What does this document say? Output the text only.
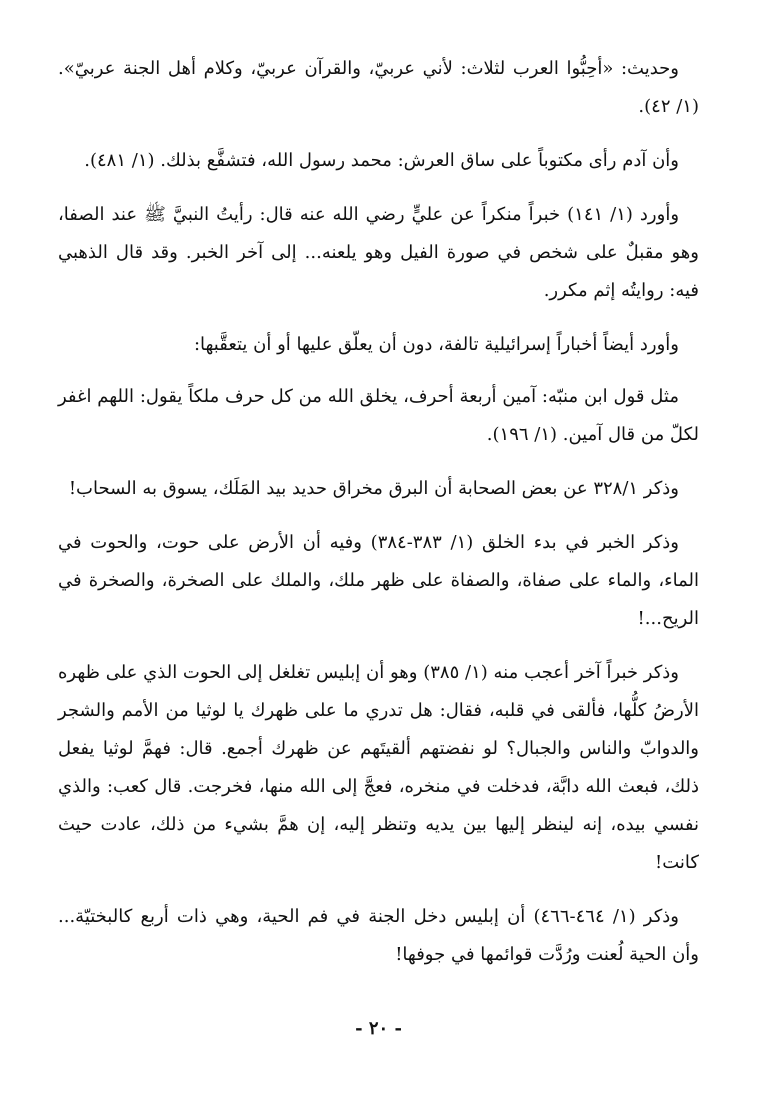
وحديث: «أحِبُّوا العرب لثلاث: لأني عربيّ، والقرآن عربيّ، وكلام أهل الجنة عربيّ». (١/ ٤٢).

وأن آدم رأى مكتوباً على ساق العرش: محمد رسول الله، فتشفَّع بذلك. (١/ ٤٨١).

وأورد (١/ ١٤١) خبراً منكراً عن عليٍّ رضي الله عنه قال: رأيتُ النبيَّ ﷺ عند الصفا، وهو مقبلٌ على شخص في صورة الفيل وهو يلعنه... إلى آخر الخبر. وقد قال الذهبي فيه: روايتُه إثم مكرر.

وأورد أيضاً أخباراً إسرائيلية تالفة، دون أن يعلّق عليها أو أن يتعقَّبها:

مثل قول ابن منبّه: آمين أربعة أحرف، يخلق الله من كل حرف ملكاً يقول: اللهم اغفر لكلّ من قال آمين. (١/ ١٩٦).

وذكر ٣٢٨/١ عن بعض الصحابة أن البرق مخراق حديد بيد المَلَك، يسوق به السحاب!

وذكر الخبر في بدء الخلق (١/ ٣٨٣-٣٨٤) وفيه أن الأرض على حوت، والحوت في الماء، والماء على صفاة، والصفاة على ظهر ملك، والملك على الصخرة، والصخرة في الريح...!

وذكر خبراً آخر أعجب منه (١/ ٣٨٥) وهو أن إبليس تغلغل إلى الحوت الذي على ظهره الأرضُ كلُّها، فألقى في قلبه، فقال: هل تدري ما على ظهرك يا لوثيا من الأمم والشجر والدوابّ والناس والجبال؟ لو نفضتهم ألقيتَهم عن ظهرك أجمع. قال: فهمَّ لوثيا يفعل ذلك، فبعث الله دابَّة، فدخلت في منخره، فعجَّ إلى الله منها، فخرجت. قال كعب: والذي نفسي بيده، إنه لينظر إليها بين يديه وتنظر إليه، إن همَّ بشيء من ذلك، عادت حيث كانت!

وذكر (١/ ٤٦٤-٤٦٦) أن إبليس دخل الجنة في فم الحية، وهي ذات أربع كالبختيّة... وأن الحية لُعنت ورُدَّت قوائمها في جوفها!

- ٢٠ -
